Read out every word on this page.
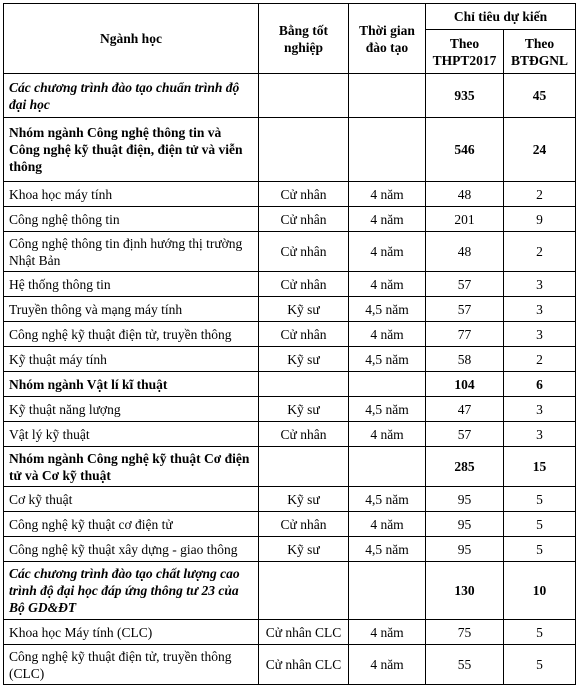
Ngành học	Bằng tốt nghiệp	Thời gian đào tạo	Chỉ tiêu dự kiến	
			Theo THPT2017	Theo BTĐGNL
Các chương trình đào tạo chuẩn trình độ đại học			935	45
Nhóm ngành Công nghệ thông tin và Công nghệ kỹ thuật điện, điện tử và viễn thông			546	24
Khoa học máy tính	Cử nhân	4 năm	48	2
Công nghệ thông tin	Cử nhân	4 năm	201	9
Công nghệ thông tin định hướng thị trường Nhật Bản	Cử nhân	4 năm	48	2
Hệ thống thông tin	Cử nhân	4 năm	57	3
Truyền thông và mạng máy tính	Kỹ sư	4,5 năm	57	3
Công nghệ kỹ thuật điện tử, truyền thông	Cử nhân	4 năm	77	3
Kỹ thuật máy tính	Kỹ sư	4,5 năm	58	2
Nhóm ngành Vật lí kĩ thuật			104	6
Kỹ thuật năng lượng	Kỹ sư	4,5 năm	47	3
Vật lý kỹ thuật	Cử nhân	4 năm	57	3
Nhóm ngành Công nghệ kỹ thuật Cơ điện tử và Cơ kỹ thuật			285	15
Cơ kỹ thuật	Kỹ sư	4,5 năm	95	5
Công nghệ kỹ thuật cơ điện tử	Cử nhân	4 năm	95	5
Công nghệ kỹ thuật xây dựng - giao thông	Kỹ sư	4,5 năm	95	5
Các chương trình đào tạo chất lượng cao trình độ đại học đáp ứng thông tư 23 của Bộ GD&ĐT			130	10
Khoa học Máy tính (CLC)	Cử nhân CLC	4 năm	75	5
Công nghệ kỹ thuật điện tử, truyền thông (CLC)	Cử nhân CLC	4 năm	55	5
